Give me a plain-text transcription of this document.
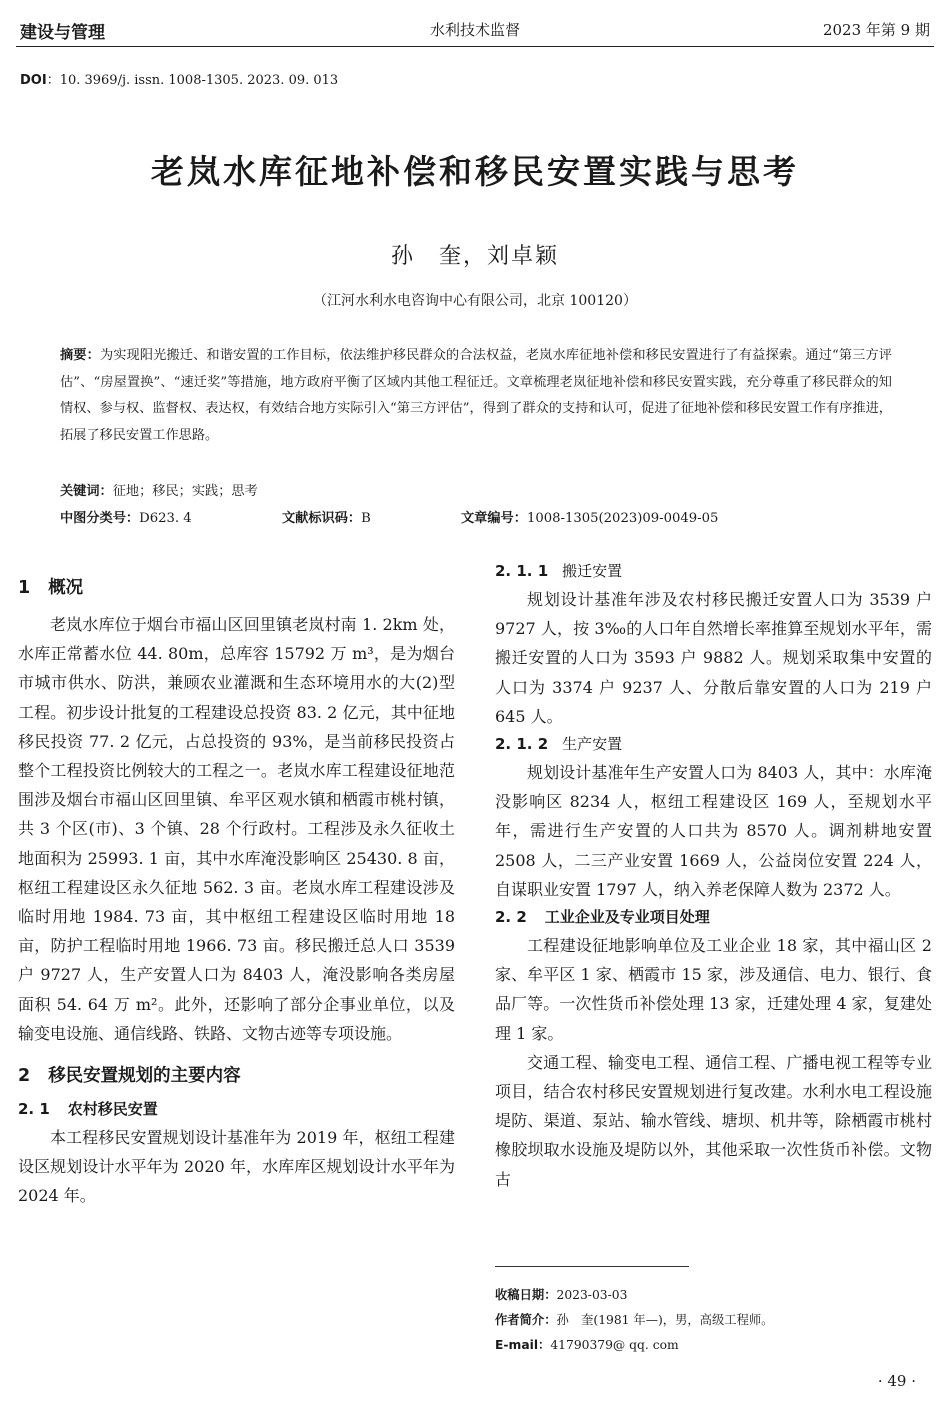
建设与管理	水利技术监督	2023 年第 9 期
DOI：10. 3969/j. issn. 1008-1305. 2023. 09. 013
老岚水库征地补偿和移民安置实践与思考
孙　奎，刘卓颖
（江河水利水电咨询中心有限公司，北京 100120）
摘要：为实现阳光搬迁、和谐安置的工作目标，依法维护移民群众的合法权益，老岚水库征地补偿和移民安置进行了有益探索。通过“第三方评估”、“房屋置换”、“速迁奖”等措施，地方政府平衡了区域内其他工程征迁。文章梳理老岚征地补偿和移民安置实践，充分尊重了移民群众的知情权、参与权、监督权、表达权，有效结合地方实际引入“第三方评估”，得到了群众的支持和认可，促进了征地补偿和移民安置工作有序推进，拓展了移民安置工作思路。
关键词：征地；移民；实践；思考
中图分类号：D623. 4	文献标识码：B	文章编号：1008-1305(2023)09-0049-05
1 概况

老岚水库位于烟台市福山区回里镇老岚村南 1. 2km 处，水库正常蓄水位 44. 80m，总库容 15792 万 m³，是为烟台市城市供水、防洪，兼顾农业灌溉和生态环境用水的大(2)型工程。初步设计批复的工程建设总投资 83. 2 亿元，其中征地移民投资 77. 2 亿元，占总投资的 93%，是当前移民投资占整个工程投资比例较大的工程之一。老岚水库工程建设征地范围涉及烟台市福山区回里镇、牟平区观水镇和栖霞市桃村镇，共 3 个区(市)、3 个镇、28 个行政村。工程涉及永久征收土地面积为 25993. 1 亩，其中水库淹没影响区 25430. 8 亩，枢纽工程建设区永久征地 562. 3 亩。老岚水库工程建设涉及临时用地 1984. 73 亩，其中枢纽工程建设区临时用地 18 亩，防护工程临时用地 1966. 73 亩。移民搬迁总人口 3539 户 9727 人，生产安置人口为 8403 人，淹没影响各类房屋面积 54. 64 万 m²。此外，还影响了部分企事业单位，以及输变电设施、通信线路、铁路、文物古迹等专项设施。

2 移民安置规划的主要内容
2. 1 农村移民安置

本工程移民安置规划设计基准年为 2019 年，枢纽工程建设区规划设计水平年为 2020 年，水库库区规划设计水平年为 2024 年。

2. 1. 1 搬迁安置

规划设计基准年涉及农村移民搬迁安置人口为 3539 户 9727 人，按 3‰的人口年自然增长率推算至规划水平年，需搬迁安置的人口为 3593 户 9882 人。规划采取集中安置的人口为 3374 户 9237 人、分散后靠安置的人口为 219 户 645 人。

2. 1. 2 生产安置

规划设计基准年生产安置人口为 8403 人，其中：水库淹没影响区 8234 人，枢纽工程建设区 169 人，至规划水平年，需进行生产安置的人口共为 8570 人。调剂耕地安置 2508 人，二三产业安置 1669 人，公益岗位安置 224 人，自谋职业安置 1797 人，纳入养老保障人数为 2372 人。

2. 2 工业企业及专业项目处理

工程建设征地影响单位及工业企业 18 家，其中福山区 2 家、牟平区 1 家、栖霞市 15 家，涉及通信、电力、银行、食品厂等。一次性货币补偿处理 13 家，迁建处理 4 家，复建处理 1 家。

交通工程、输变电工程、通信工程、广播电视工程等专业项目，结合农村移民安置规划进行复改建。水利水电工程设施堤防、渠道、泵站、输水管线、塘坝、机井等，除栖霞市桃村橡胶坝取水设施及堤防以外，其他采取一次性货币补偿。文物古

收稿日期：2023-03-03
作者简介：孙　奎(1981 年—)，男，高级工程师。
E-mail：41790379@ qq. com
· 49 ·
